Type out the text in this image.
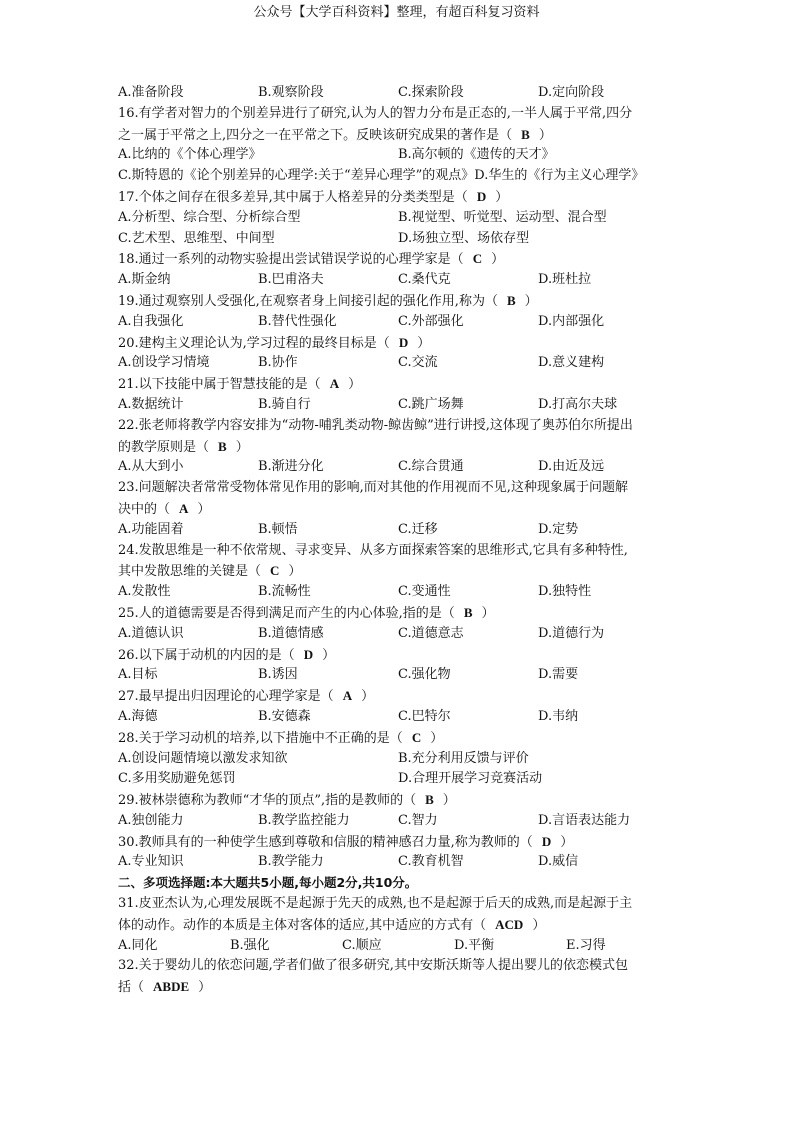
公众号【大学百科资料】整理，有超百科复习资料
A.准备阶段	B.观察阶段	C.探索阶段	D.定向阶段
16.有学者对智力的个别差异进行了研究,认为人的智力分布是正态的,一半人属于平常,四分
之一属于平常之上,四分之一在平常之下。反映该研究成果的著作是（ B ）
A.比纳的《个体心理学》	B.高尔顿的《遗传的天才》
C.斯特恩的《论个别差异的心理学:关于“差异心理学”的观点》D.华生的《行为主义心理学》
17.个体之间存在很多差异,其中属于人格差异的分类类型是（ D ）
A.分析型、综合型、分析综合型	B.视觉型、听觉型、运动型、混合型
C.艺术型、思维型、中间型	D.场独立型、场依存型
18.通过一系列的动物实验提出尝试错误学说的心理学家是（ C ）
A.斯金纳	B.巴甫洛夫	C.桑代克	D.班杜拉
19.通过观察别人受强化,在观察者身上间接引起的强化作用,称为（ B ）
A.自我强化	B.替代性强化	C.外部强化	D.内部强化
20.建构主义理论认为,学习过程的最终目标是（ D ）
A.创设学习情境	B.协作	C.交流	D.意义建构
21.以下技能中属于智慧技能的是（ A ）
A.数据统计	B.骑自行	C.跳广场舞	D.打高尔夫球
22.张老师将教学内容安排为“动物-哺乳类动物-鲸齿鲸”进行讲授,这体现了奥苏伯尔所提出
的教学原则是（ B ）
A.从大到小	B.渐进分化	C.综合贯通	D.由近及远
23.问题解决者常常受物体常见作用的影响,而对其他的作用视而不见,这种现象属于问题解
决中的（ A ）
A.功能固着	B.顿悟	C.迁移	D.定势
24.发散思维是一种不依常规、寻求变异、从多方面探索答案的思维形式,它具有多种特性,
其中发散思维的关键是（ C ）
A.发散性	B.流畅性	C.变通性	D.独特性
25.人的道德需要是否得到满足而产生的内心体验,指的是（ B ）
A.道德认识	B.道德情感	C.道德意志	D.道德行为
26.以下属于动机的内因的是（ D ）
A.目标	B.诱因	C.强化物	D.需要
27.最早提出归因理论的心理学家是（ A ）
A.海德	B.安德森	C.巴特尔	D.韦纳
28.关于学习动机的培养,以下措施中不正确的是（ C ）
A.创设问题情境以激发求知欲	B.充分利用反馈与评价
C.多用奖励避免惩罚	D.合理开展学习竞赛活动
29.被林崇德称为教师“才华的顶点”,指的是教师的（ B ）
A.独创能力	B.教学监控能力	C.智力	D.言语表达能力
30.教师具有的一种使学生感到尊敬和信服的精神感召力量,称为教师的（ D ）
A.专业知识	B.教学能力	C.教育机智	D.威信
二、多项选择题:本大题共5小题,每小题2分,共10分。
31.皮亚杰认为,心理发展既不是起源于先天的成熟,也不是起源于后天的成熟,而是起源于主
体的动作。动作的本质是主体对客体的适应,其中适应的方式有（ ACD ）
A.同化	B.强化	C.顺应	D.平衡	E.习得
32.关于婴幼儿的依恋问题,学者们做了很多研究,其中安斯沃斯等人提出婴儿的依恋模式包
括（ ABDE ）
